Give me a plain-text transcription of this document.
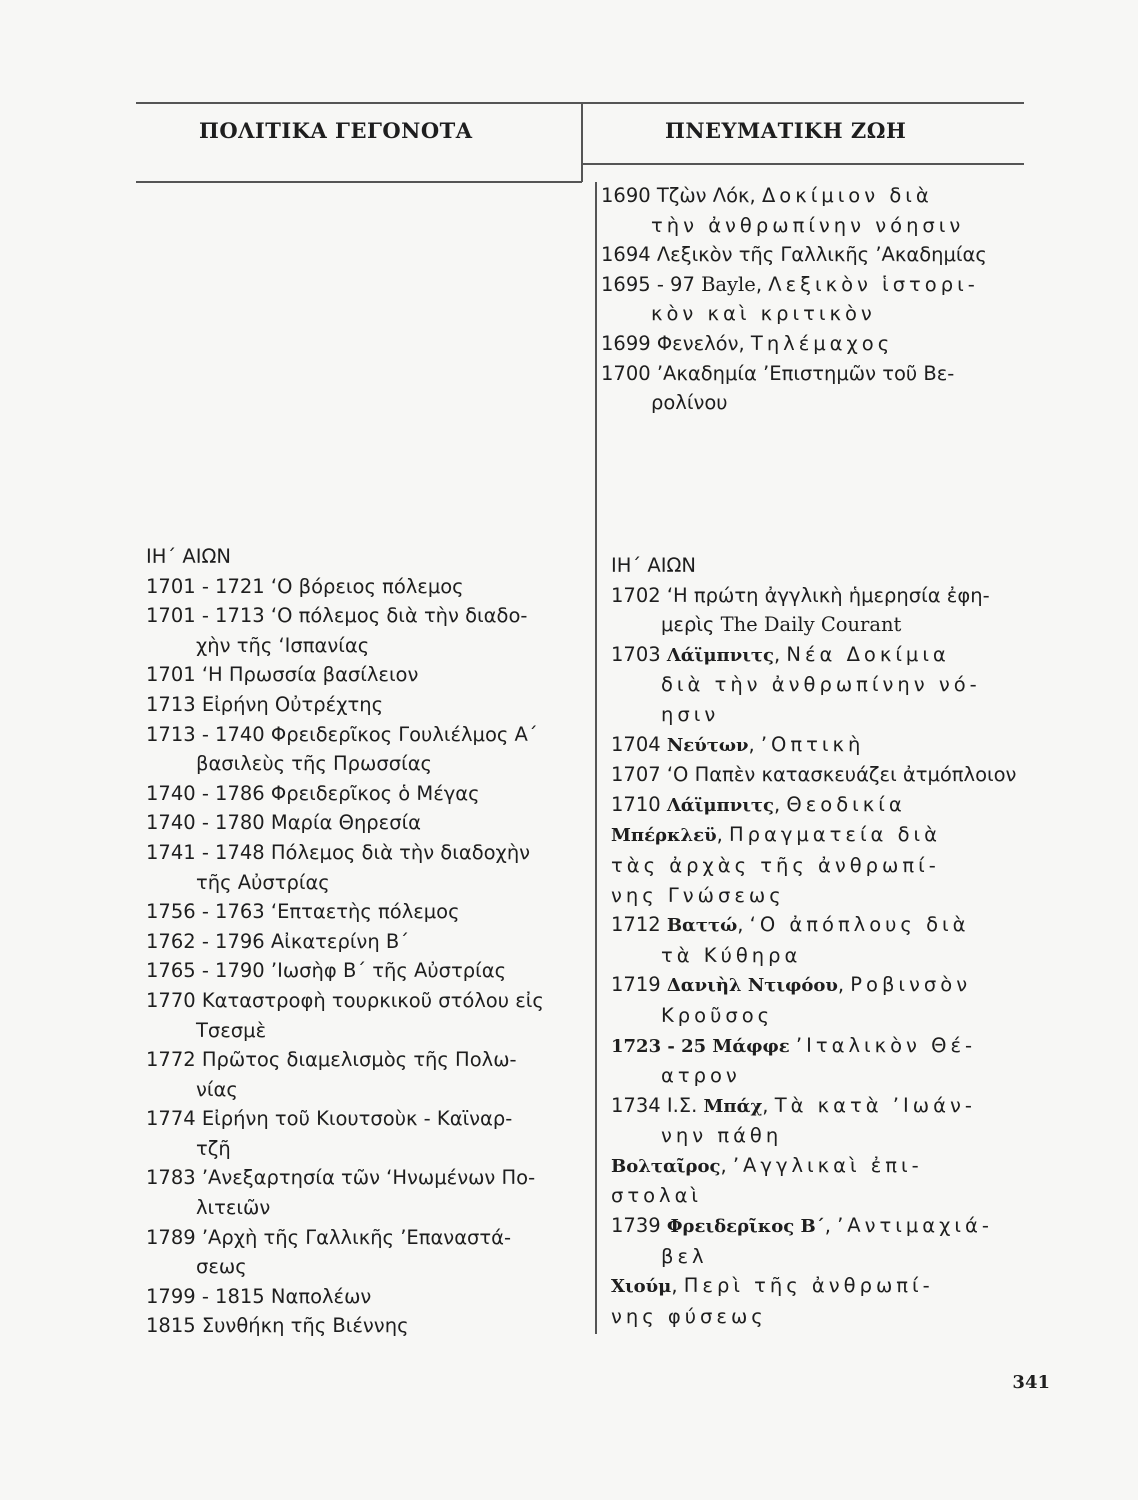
ΠΟΛΙΤΙΚΑ ΓΕΓΟΝΟΤΑ	ΠΝΕΥΜΑΤΙΚΗ ΖΩΗ
1690 Τζὼν Λόκ, Δοκίμιον διὰ
τὴν ἀνθρωπίνην νόησιν
1694 Λεξικὸν τῆς Γαλλικῆς ’Ακαδημίας
1695 - 97 Bayle, Λεξικὸν ἱστορι-
κὸν καὶ κριτικὸν
1699 Φενελόν, Τηλέμαχος
1700 ’Ακαδημία ’Επιστημῶν τοῦ Βε-
ρολίνου
ΙΗ΄ ΑΙΩΝ
1701 - 1721 ‘Ο βόρειος πόλεμος
1701 - 1713 ‘Ο πόλεμος διὰ τὴν διαδο-
χὴν τῆς ‘Ισπανίας
1701 ‘Η Πρωσσία βασίλειον
1713 Εἰρήνη Οὐτρέχτης
1713 - 1740 Φρειδερῖκος Γουλιέλμος Α΄
βασιλεὺς τῆς Πρωσσίας
1740 - 1786 Φρειδερῖκος ὁ Μέγας
1740 - 1780 Μαρία Θηρεσία
1741 - 1748 Πόλεμος διὰ τὴν διαδοχὴν
τῆς Αὐστρίας
1756 - 1763 ‘Επταετὴς πόλεμος
1762 - 1796 Αἰκατερίνη Β΄
1765 - 1790 ’Ιωσὴφ Β΄ τῆς Αὐστρίας
1770 Καταστροφὴ τουρκικοῦ στόλου εἰς
Τσεσμὲ
1772 Πρῶτος διαμελισμὸς τῆς Πολω-
νίας
1774 Εἰρήνη τοῦ Κιουτσοὺκ - Καϊναρ-
τζῆ
1783 ’Ανεξαρτησία τῶν ‘Ηνωμένων Πο-
λιτειῶν
1789 ’Αρχὴ τῆς Γαλλικῆς ’Επαναστά-
σεως
1799 - 1815 Ναπολέων
1815 Συνθήκη τῆς Βιέννης
ΙΗ΄ ΑΙΩΝ
1702 ‘Η πρώτη ἀγγλικὴ ἡμερησία ἐφη-
μερὶς The Daily Courant
1703 Λάϊμπνιτς, Νέα Δοκίμια
διὰ τὴν ἀνθρωπίνην νό-
ησιν
1704 Νεύτων, ’Οπτικὴ
1707 ‘Ο Παπὲν κατασκευάζει ἀτμόπλοιον
1710 Λάϊμπνιτς, Θεοδικία
Μπέρκλεϋ, Πραγματεία διὰ
τὰς ἀρχὰς τῆς ἀνθρωπί-
νης Γνώσεως
1712 Βαττώ, ‘Ο ἀπόπλους διὰ
τὰ Κύθηρα
1719 Δανιὴλ Ντιφόου, Ροβινσὸν
Κροῦσος
1723 - 25 Μάφφε ’Ιταλικὸν Θέ-
ατρον
1734 Ι.Σ. Μπάχ, Τὰ κατὰ ’Ιωάν-
νην πάθη
Βολταῖρος, ’Αγγλικαὶ ἐπι-
στολαὶ
1739 Φρειδερῖκος Β΄, ’Αντιμαχιά-
βελ
Χιούμ, Περὶ τῆς ἀνθρωπί-
νης φύσεως
341
